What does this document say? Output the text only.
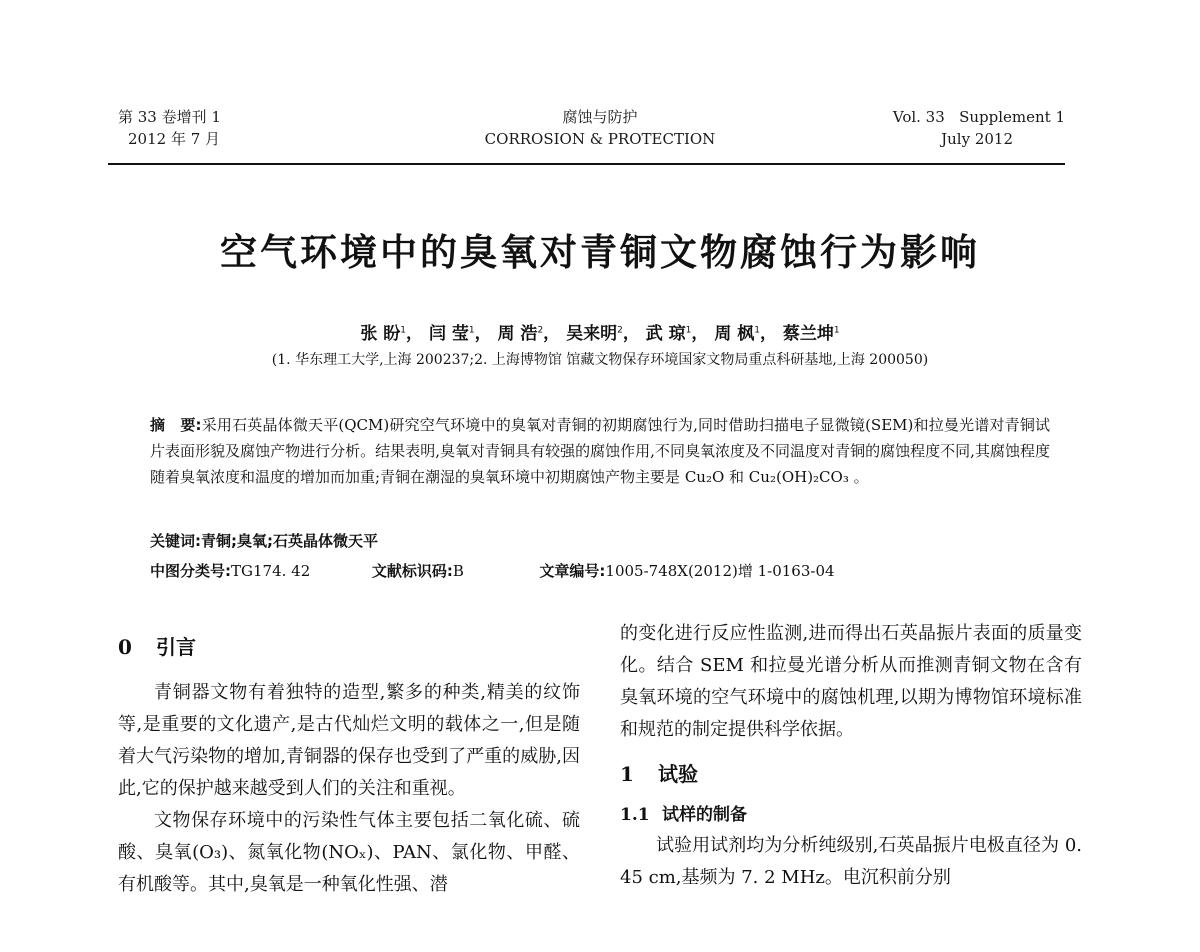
第 33 卷增刊 1
2012 年 7 月
腐蚀与防护
CORROSION & PROTECTION
Vol. 33   Supplement 1
July 2012
空气环境中的臭氧对青铜文物腐蚀行为影响
张 盼$^1$， 闫 莹$^1$， 周 浩$^2$， 吴来明$^2$， 武 琼$^1$， 周 枫$^1$， 蔡兰坤$^1$
(1. 华东理工大学,上海 200237;2. 上海博物馆 馆藏文物保存环境国家文物局重点科研基地,上海 200050)
摘　要:采用石英晶体微天平(QCM)研究空气环境中的臭氧对青铜的初期腐蚀行为,同时借助扫描电子显微镜(SEM)和拉曼光谱对青铜试片表面形貌及腐蚀产物进行分析。结果表明,臭氧对青铜具有较强的腐蚀作用,不同臭氧浓度及不同温度对青铜的腐蚀程度不同,其腐蚀程度随着臭氧浓度和温度的增加而加重;青铜在潮湿的臭氧环境中初期腐蚀产物主要是 Cu₂O 和 Cu₂(OH)₂CO₃ 。
关键词:青铜;臭氧;石英晶体微天平
中图分类号:TG174. 42	文献标识码:B	文章编号:1005-748X(2012)增 1-0163-04
0 引言

青铜器文物有着独特的造型,繁多的种类,精美的纹饰等,是重要的文化遗产,是古代灿烂文明的载体之一,但是随着大气污染物的增加,青铜器的保存也受到了严重的威胁,因此,它的保护越来越受到人们的关注和重视。

文物保存环境中的污染性气体主要包括二氧化硫、硫酸、臭氧(O₃)、氮氧化物(NOₓ)、PAN、氯化物、甲醛、有机酸等。其中,臭氧是一种氧化性强、潜

的变化进行反应性监测,进而得出石英晶振片表面的质量变化。结合 SEM 和拉曼光谱分析从而推测青铜文物在含有臭氧环境的空气环境中的腐蚀机理,以期为博物馆环境标准和规范的制定提供科学依据。

1 试验
1.1 试样的制备

试验用试剂均为分析纯级别,石英晶振片电极直径为 0. 45 cm,基频为 7. 2 MHz。电沉积前分别
